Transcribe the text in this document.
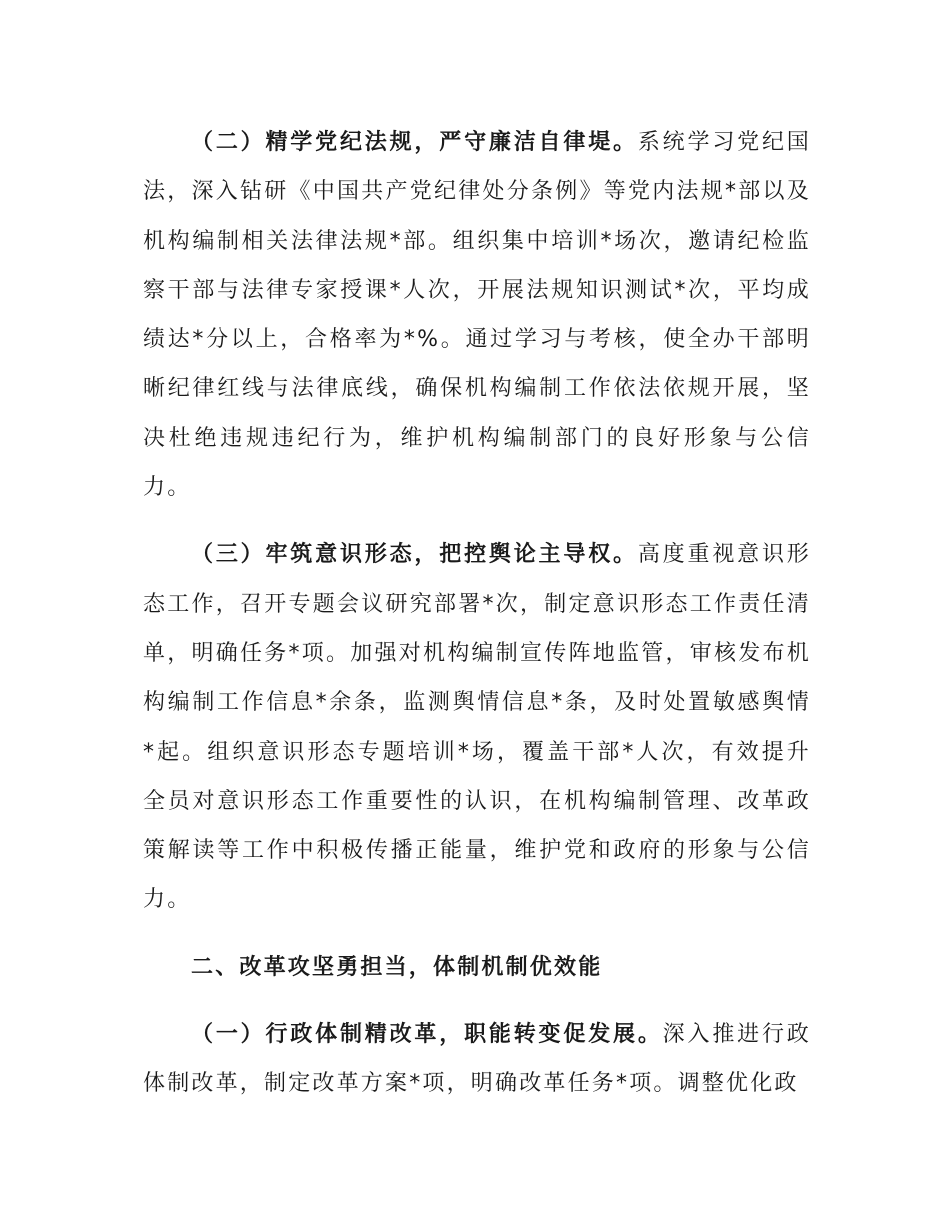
（二）精学党纪法规，严守廉洁自律堤。系统学习党纪国法，深入钻研《中国共产党纪律处分条例》等党内法规*部以及机构编制相关法律法规*部。组织集中培训*场次，邀请纪检监察干部与法律专家授课*人次，开展法规知识测试*次，平均成绩达*分以上，合格率为*%。通过学习与考核，使全办干部明晰纪律红线与法律底线，确保机构编制工作依法依规开展，坚决杜绝违规违纪行为，维护机构编制部门的良好形象与公信力。

（三）牢筑意识形态，把控舆论主导权。高度重视意识形态工作，召开专题会议研究部署*次，制定意识形态工作责任清单，明确任务*项。加强对机构编制宣传阵地监管，审核发布机构编制工作信息*余条，监测舆情信息*条，及时处置敏感舆情*起。组织意识形态专题培训*场，覆盖干部*人次，有效提升全员对意识形态工作重要性的认识，在机构编制管理、改革政策解读等工作中积极传播正能量，维护党和政府的形象与公信力。

二、改革攻坚勇担当，体制机制优效能

（一）行政体制精改革，职能转变促发展。深入推进行政体制改革，制定改革方案*项，明确改革任务*项。调整优化政
